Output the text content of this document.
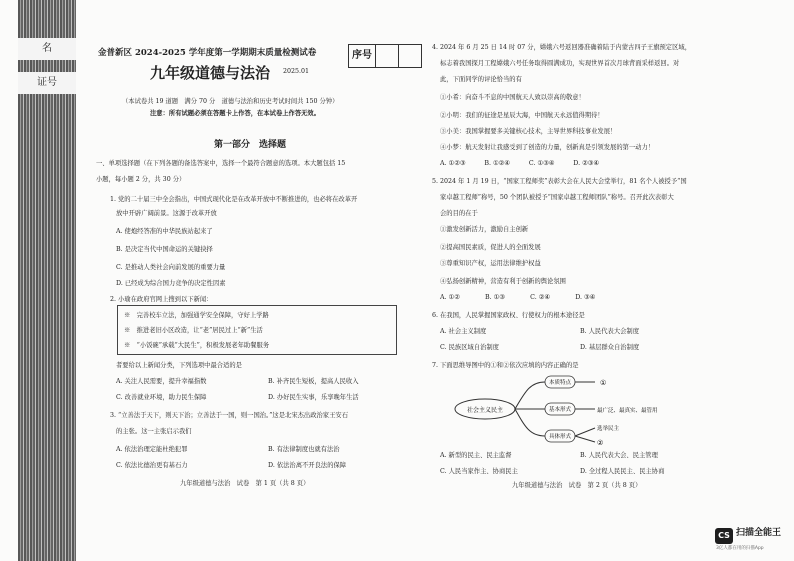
名
证号
金普新区 2024-2025 学年度第一学期期末质量检测试卷
九年级道德与法治 2025.01
序号
（本试卷共 19 道题　满分 70 分　道德与法治和历史考试时间共 150 分钟）
注意：所有试题必须在答题卡上作答，在本试卷上作答无效。
第一部分　选择题
一、单项选择题（在下列各题的备选答案中，选择一个最符合题意的选项。本大题包括 15
小题，每小题 2 分，共 30 分）
1. 党的二十届三中全会指出，中国式现代化是在改革开放中不断推进的，也必将在改革开
放中开辟广阔前景。这源于改革开放
A. 使炮经答准的中华民族站起来了
B. 是决定当代中国命运的关键抉择
C. 是推动人类社会向前发展的重要力量
D. 已经成为综合国力竞争的决定性因素
2. 小瑜在政府官网上搜到以下新闻：
※　完善校车立法，加强通学安全保障，守好上学路
※　推进老旧小区改造，让“老”居民过上“新”生活
※　“小饭碗”承载“大民生”，积极发展老年助餐服务
者要给以上新闻分类，下列选项中最合适的是
A. 关注人民需要，提升幸福指数	B. 补齐民生短板，提高人民收入
C. 改善就业环境，助力民生保障	D. 办好民生实事，乐享晚年生活
3. “立善法于天下，则天下治；立善法于一国，则一国治。”这是北宋杰出政治家王安石
的主张。这一主张启示我们
A. 依法治理定能杜绝犯罪	B. 有法律制度也就有法治
C. 依法比德治更有基石力	D. 依法治离不开良法的保障
九年级道德与法治　试卷　第 1 页（共 8 页）
4. 2024 年 6 月 25 日 14 时 07 分，嫦娥六号返回器准确着陆于内蒙古四子王旗预定区域，
标志着我国探月工程嫦娥六号任务取得圆满成功，实现世界首次月球背面采样返回。对
此，下面同学的评论恰当的有
①小希：向奋斗不息的中国航天人致以崇高的敬意！
②小明：我们的征途是星辰大海，中国航天永远值得期待！
③小美：我国掌握要多关键核心技术，主导世界科技事业发展！
④小梦：航天发射让我感受到了创造的力量，创新真是引领发展的第一动力！
A. ①②③　　　B. ①②④　　　C. ①③④　　　D. ②③④
5. 2024 年 1 月 19 日，“国家工程师奖”表彰大会在人民大会堂举行，81 名个人被授予“国
家卓越工程师”称号，50 个团队被授予“国家卓越工程师团队”称号。召开此次表彰大
会的目的在于
①激发创新活力，激励自主创新
②提高国民素质，促进人的全面发展
③尊重知识产权，运用法律维护权益
④弘扬创新精神，营造有利于创新的舆论氛围
A. ①②　　　　B. ①③　　　　C. ②④　　　　D. ③④
6. 在我国，人民掌握国家政权、行使权力的根本途径是
A. 社会主义制度	B. 人民代表大会制度
C. 民族区域自治制度	D. 基层群众自治制度
7. 下面思维导图中的①和②依次应填的内容正确的是
社会主义民主
本质特点
基本形式
具体形式
①
最广泛、最真实、最管用
选举民主
②
A. 新型的民主、民主监督	B. 人民代表大会、民主管理
C. 人民当家作主、协商民主	D. 全过程人民民主、民主协商
九年级道德与法治　试卷　第 2 页（共 8 页）
CS 扫描全能王
3亿人都在用的扫描App
